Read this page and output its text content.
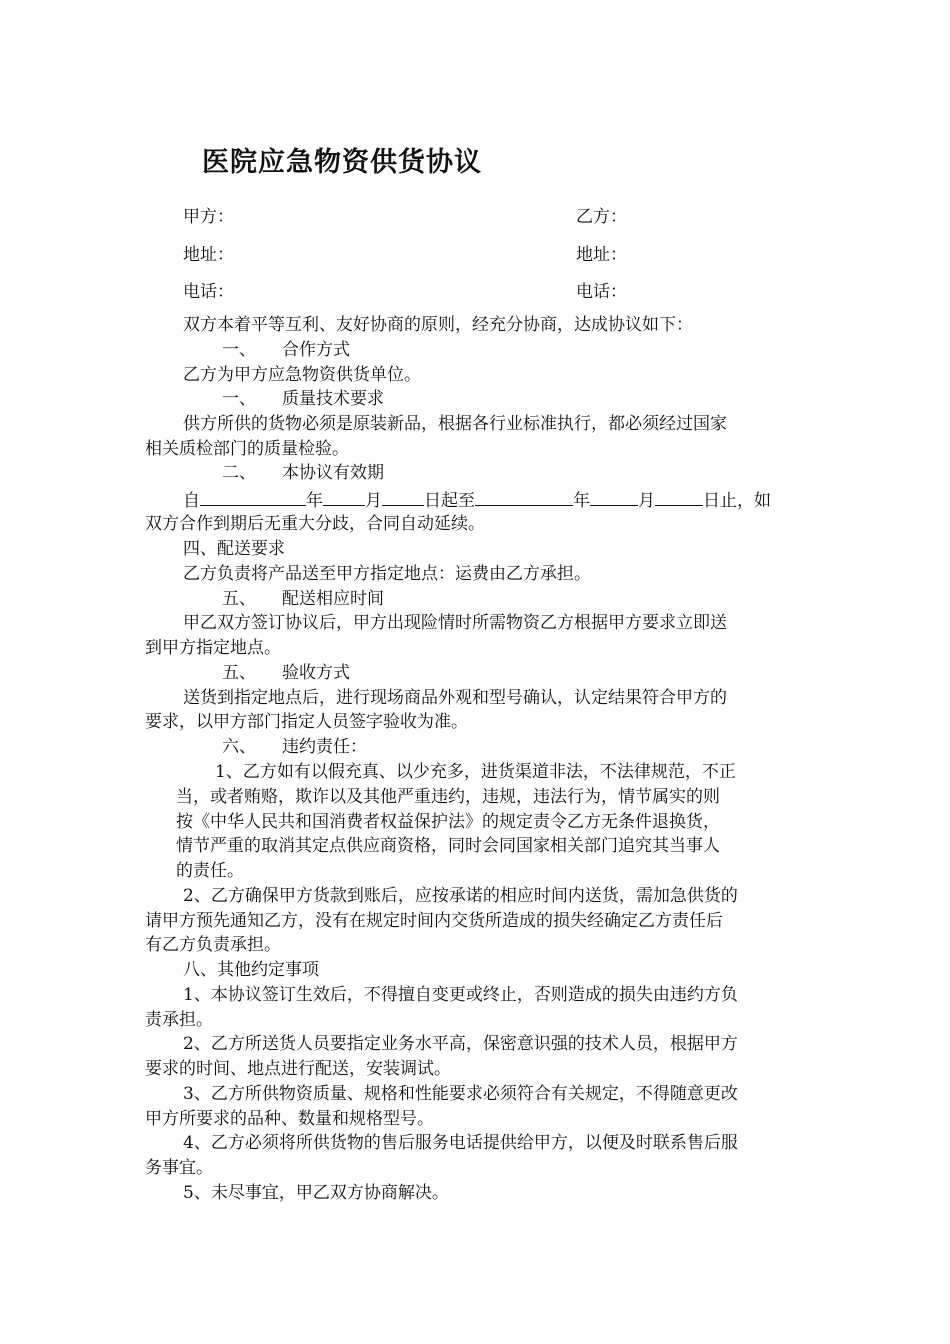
医院应急物资供货协议
甲方：	乙方：
地址：	地址：
电话：	电话：
双方本着平等互利、友好协商的原则，经充分协商，达成协议如下：
一、 合作方式
乙方为甲方应急物资供货单位。
一、 质量技术要求
供方所供的货物必须是原装新品，根据各行业标准执行，都必须经过国家
相关质检部门的质量检验。
二、 本协议有效期
自	年 月 日起至	年	月	日止，如
双方合作到期后无重大分歧，合同自动延续。
四、配送要求
乙方负责将产品送至甲方指定地点：运费由乙方承担。
五、 配送相应时间
甲乙双方签订协议后，甲方出现险情时所需物资乙方根据甲方要求立即送
到甲方指定地点。
五、 验收方式
送货到指定地点后，进行现场商品外观和型号确认，认定结果符合甲方的
要求，以甲方部门指定人员签字验收为准。
六、 违约责任：
1、乙方如有以假充真、以少充多，进货渠道非法，不法律规范，不正
当，或者贿赂，欺诈以及其他严重违约，违规，违法行为，情节属实的则
按《中华人民共和国消费者权益保护法》的规定责令乙方无条件退换货，
情节严重的取消其定点供应商资格，同时会同国家相关部门追究其当事人
的责任。
2、乙方确保甲方货款到账后，应按承诺的相应时间内送货，需加急供货的
请甲方预先通知乙方，没有在规定时间内交货所造成的损失经确定乙方责任后
有乙方负责承担。
八、其他约定事项
1、本协议签订生效后，不得擅自变更或终止，否则造成的损失由违约方负
责承担。
2、乙方所送货人员要指定业务水平高，保密意识强的技术人员，根据甲方
要求的时间、地点进行配送，安装调试。
3、乙方所供物资质量、规格和性能要求必须符合有关规定，不得随意更改
甲方所要求的品种、数量和规格型号。
4、乙方必须将所供货物的售后服务电话提供给甲方，以便及时联系售后服
务事宜。
5、未尽事宜，甲乙双方协商解决。
